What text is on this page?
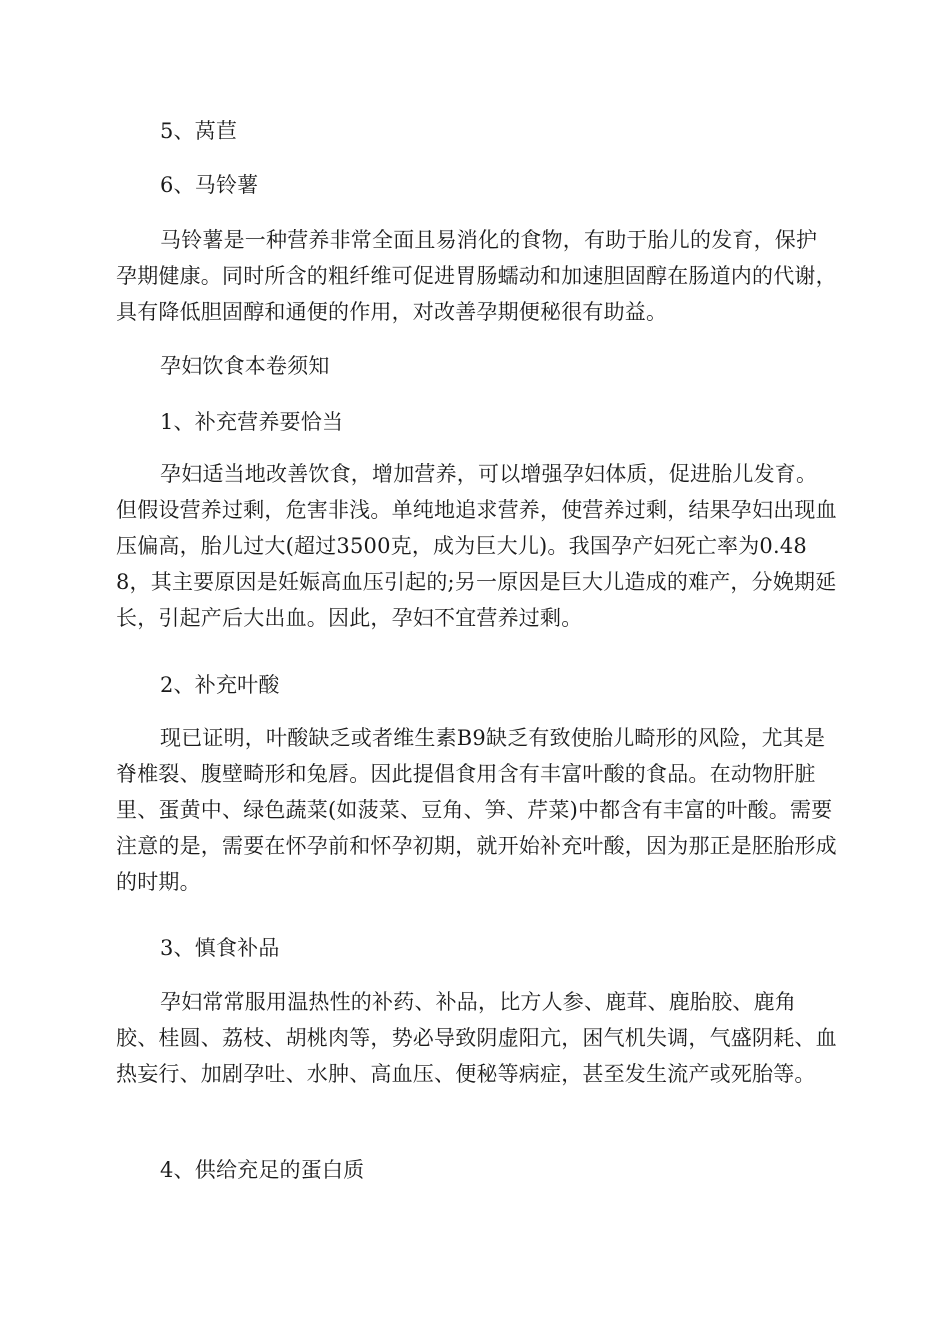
5、莴苣

6、马铃薯

马铃薯是一种营养非常全面且易消化的食物，有助于胎儿的发育，保护孕期健康。同时所含的粗纤维可促进胃肠蠕动和加速胆固醇在肠道内的代谢，具有降低胆固醇和通便的作用，对改善孕期便秘很有助益。

孕妇饮食本卷须知

1、补充营养要恰当

孕妇适当地改善饮食，增加营养，可以增强孕妇体质，促进胎儿发育。但假设营养过剩，危害非浅。单纯地追求营养，使营养过剩，结果孕妇出现血压偏高，胎儿过大(超过3500克，成为巨大儿)。我国孕产妇死亡率为0.488，其主要原因是妊娠高血压引起的;另一原因是巨大儿造成的难产，分娩期延长，引起产后大出血。因此，孕妇不宜营养过剩。

2、补充叶酸

现已证明，叶酸缺乏或者维生素B9缺乏有致使胎儿畸形的风险，尤其是脊椎裂、腹壁畸形和兔唇。因此提倡食用含有丰富叶酸的食品。在动物肝脏里、蛋黄中、绿色蔬菜(如菠菜、豆角、笋、芹菜)中都含有丰富的叶酸。需要注意的是，需要在怀孕前和怀孕初期，就开始补充叶酸，因为那正是胚胎形成的时期。

3、慎食补品

孕妇常常服用温热性的补药、补品，比方人参、鹿茸、鹿胎胶、鹿角胶、桂圆、荔枝、胡桃肉等，势必导致阴虚阳亢，困气机失调，气盛阴耗、血热妄行、加剧孕吐、水肿、高血压、便秘等病症，甚至发生流产或死胎等。

4、供给充足的蛋白质
